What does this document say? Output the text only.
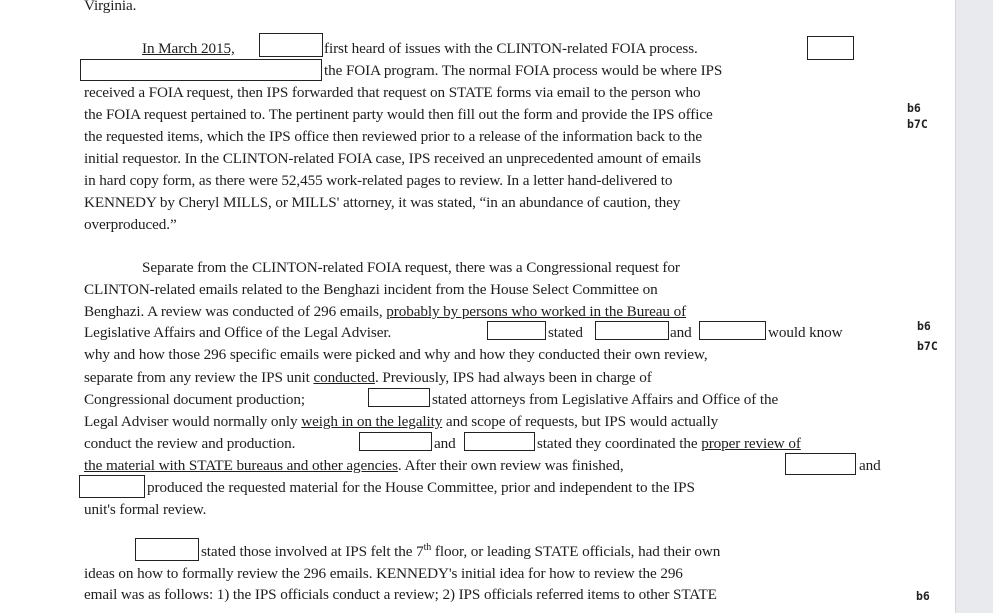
Virginia.
In March 2015,	first heard of issues with the CLINTON-related FOIA process.
the FOIA program. The normal FOIA process would be where IPS
received a FOIA request, then IPS forwarded that request on STATE forms via email to the person who
the FOIA request pertained to. The pertinent party would then fill out the form and provide the IPS office
the requested items, which the IPS office then reviewed prior to a release of the information back to the
initial requestor. In the CLINTON-related FOIA case, IPS received an unprecedented amount of emails
in hard copy form, as there were 52,455 work-related pages to review. In a letter hand-delivered to
KENNEDY by Cheryl MILLS, or MILLS' attorney, it was stated, “in an abundance of caution, they
overproduced.”
b6
b7C
Separate from the CLINTON-related FOIA request, there was a Congressional request for
CLINTON-related emails related to the Benghazi incident from the House Select Committee on
Benghazi. A review was conducted of 296 emails, probably by persons who worked in the Bureau of
Legislative Affairs and Office of the Legal Adviser.	stated	and	would know
why and how those 296 specific emails were picked and why and how they conducted their own review,
separate from any review the IPS unit conducted. Previously, IPS had always been in charge of
Congressional document production;	stated attorneys from Legislative Affairs and Office of the
Legal Adviser would normally only weigh in on the legality and scope of requests, but IPS would actually
conduct the review and production.	and	stated they coordinated the proper review of
the material with STATE bureaus and other agencies. After their own review was finished,	and
produced the requested material for the House Committee, prior and independent to the IPS
unit's formal review.
b6
b7C
stated those involved at IPS felt the 7th floor, or leading STATE officials, had their own
ideas on how to formally review the 296 emails. KENNEDY's initial idea for how to review the 296
email was as follows: 1) the IPS officials conduct a review; 2) IPS officials referred items to other STATE	b6
